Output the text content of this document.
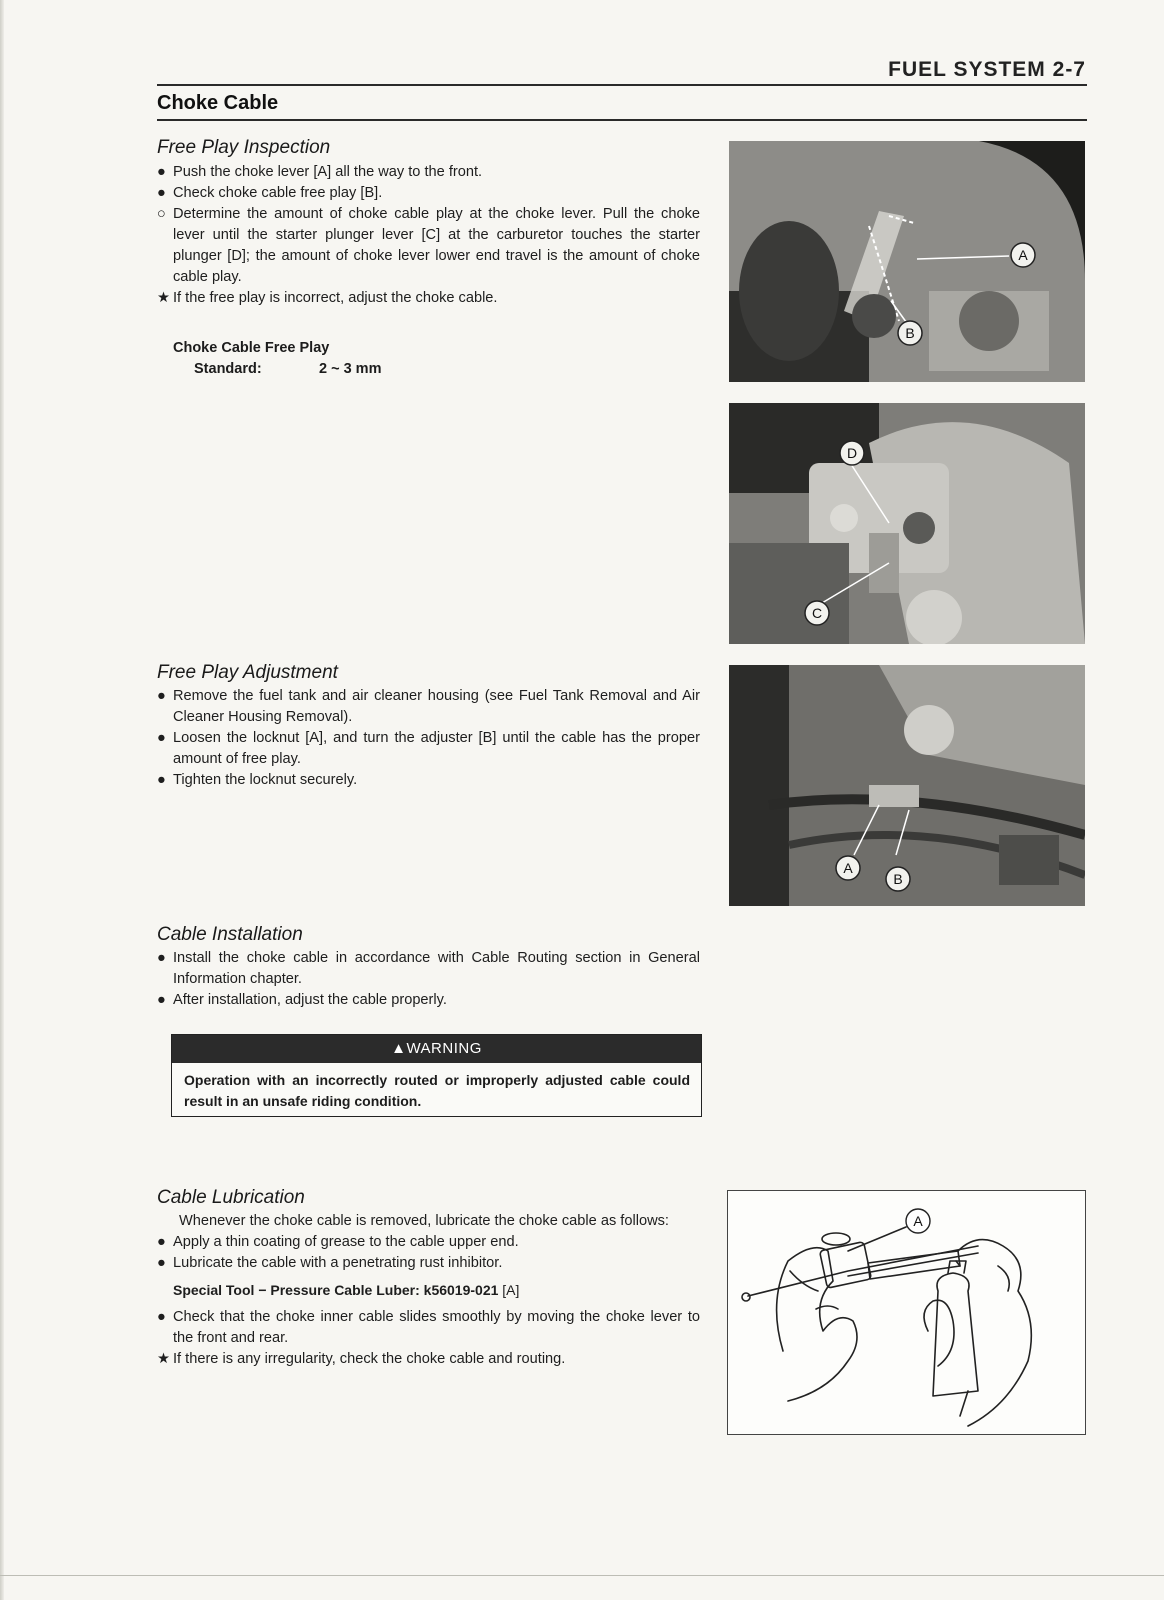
FUEL SYSTEM 2-7
Choke Cable
Free Play Inspection
● Push the choke lever [A] all the way to the front.
● Check choke cable free play [B].
○ Determine the amount of choke cable play at the choke lever. Pull the choke lever until the starter plunger lever [C] at the carburetor touches the starter plunger [D]; the amount of choke lever lower end travel is the amount of choke cable play.
★ If the free play is incorrect, adjust the choke cable.
Choke Cable Free Play
Standard:	2 ~ 3 mm
A
B
D
C
A
B
Free Play Adjustment
● Remove the fuel tank and air cleaner housing (see Fuel Tank Removal and Air Cleaner Housing Removal).
● Loosen the locknut [A], and turn the adjuster [B] until the cable has the proper amount of free play.
● Tighten the locknut securely.
Cable Installation
● Install the choke cable in accordance with Cable Routing section in General Information chapter.
● After installation, adjust the cable properly.
▲WARNING
Operation with an incorrectly routed or improperly adjusted cable could result in an unsafe riding condition.
Cable Lubrication
Whenever the choke cable is removed, lubricate the choke cable as follows:
● Apply a thin coating of grease to the cable upper end.
● Lubricate the cable with a penetrating rust inhibitor.
Special Tool − Pressure Cable Luber: k56019-021 [A]
● Check that the choke inner cable slides smoothly by moving the choke lever to the front and rear.
★ If there is any irregularity, check the choke cable and routing.
A
